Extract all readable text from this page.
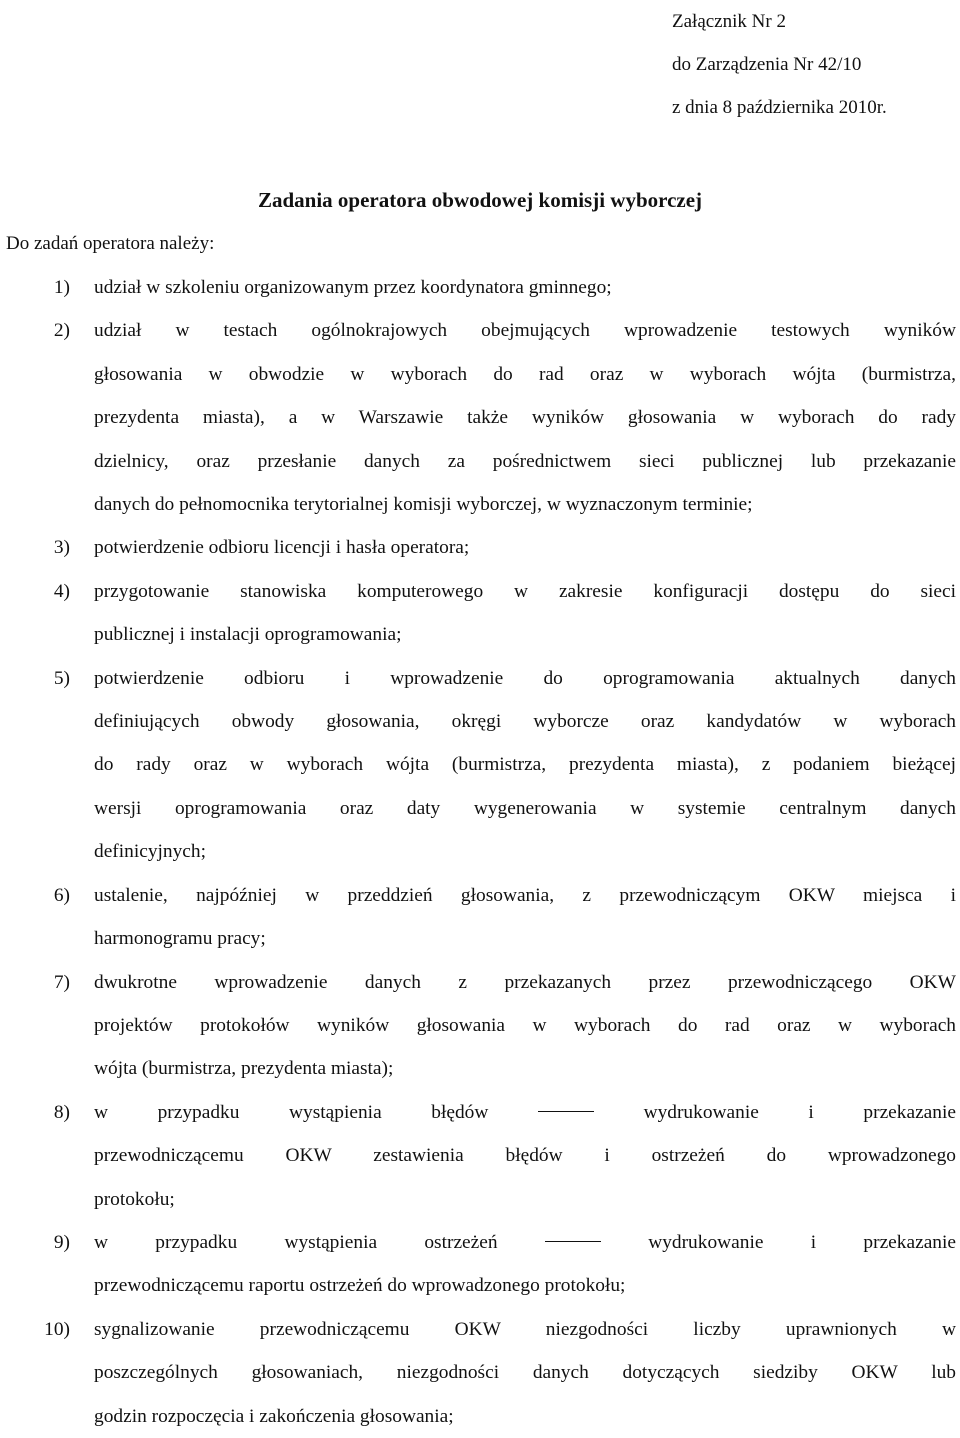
Załącznik Nr 2
do Zarządzenia Nr 42/10
z dnia 8 października 2010r.
Zadania operatora obwodowej komisji wyborczej
Do zadań operatora należy:
1) udział w szkoleniu organizowanym przez koordynatora gminnego;
2) udział w testach ogólnokrajowych obejmujących wprowadzenie testowych wyników
głosowania w obwodzie w wyborach do rad oraz w wyborach wójta (burmistrza,
prezydenta miasta), a w Warszawie także wyników głosowania w wyborach do rady
dzielnicy, oraz przesłanie danych za pośrednictwem sieci publicznej lub przekazanie
danych do pełnomocnika terytorialnej komisji wyborczej, w wyznaczonym terminie;
3) potwierdzenie odbioru licencji i hasła operatora;
4) przygotowanie stanowiska komputerowego w zakresie konfiguracji dostępu do sieci
publicznej i instalacji oprogramowania;
5) potwierdzenie odbioru i wprowadzenie do oprogramowania aktualnych danych
definiujących obwody głosowania, okręgi wyborcze oraz kandydatów w wyborach
do rady oraz w wyborach wójta (burmistrza, prezydenta miasta), z podaniem bieżącej
wersji oprogramowania oraz daty wygenerowania w systemie centralnym danych
definicyjnych;
6) ustalenie, najpóźniej w przeddzień głosowania, z przewodniczącym OKW miejsca i
harmonogramu pracy;
7) dwukrotne wprowadzenie danych z przekazanych przez przewodniczącego OKW
projektów protokołów wyników głosowania w wyborach do rad oraz w wyborach
wójta (burmistrza, prezydenta miasta);
8) w przypadku wystąpienia błędów	wydrukowanie i przekazanie
przewodniczącemu OKW zestawienia błędów i ostrzeżeń do wprowadzonego
protokołu;
9) w przypadku wystąpienia ostrzeżeń	wydrukowanie i przekazanie
przewodniczącemu raportu ostrzeżeń do wprowadzonego protokołu;
10) sygnalizowanie przewodniczącemu OKW niezgodności liczby uprawnionych w
poszczególnych głosowaniach, niezgodności danych dotyczących siedziby OKW lub
godzin rozpoczęcia i zakończenia głosowania;
